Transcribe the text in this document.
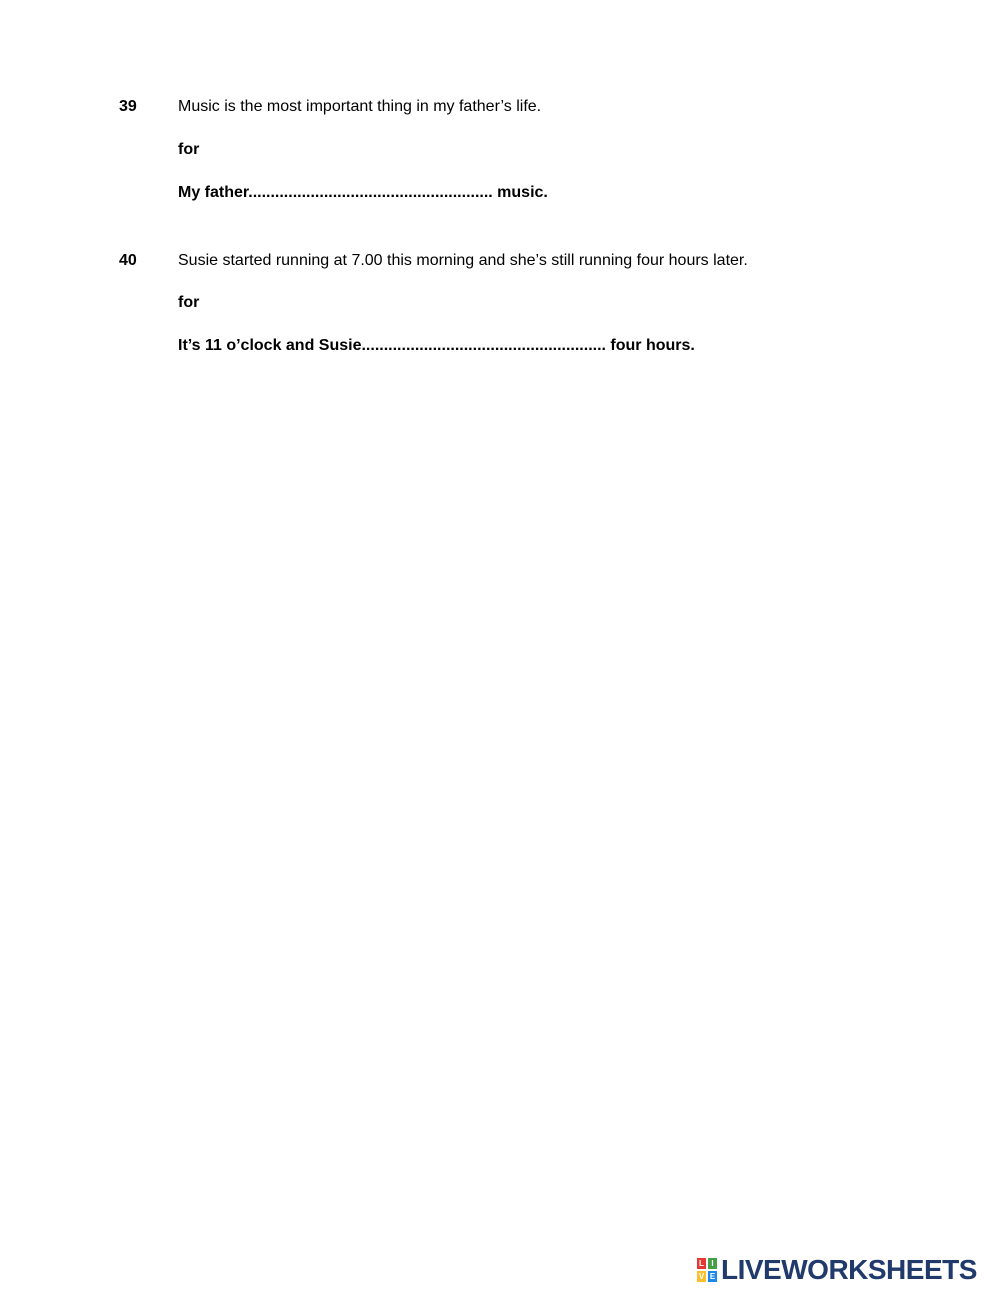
39	Music is the most important thing in my father’s life.
for
My father....................................................... music.
40	Susie started running at 7.00 this morning and she’s still running four hours later.
for
It’s 11 o’clock and Susie....................................................... four hours.
L I
V E LIVEWORKSHEETS
